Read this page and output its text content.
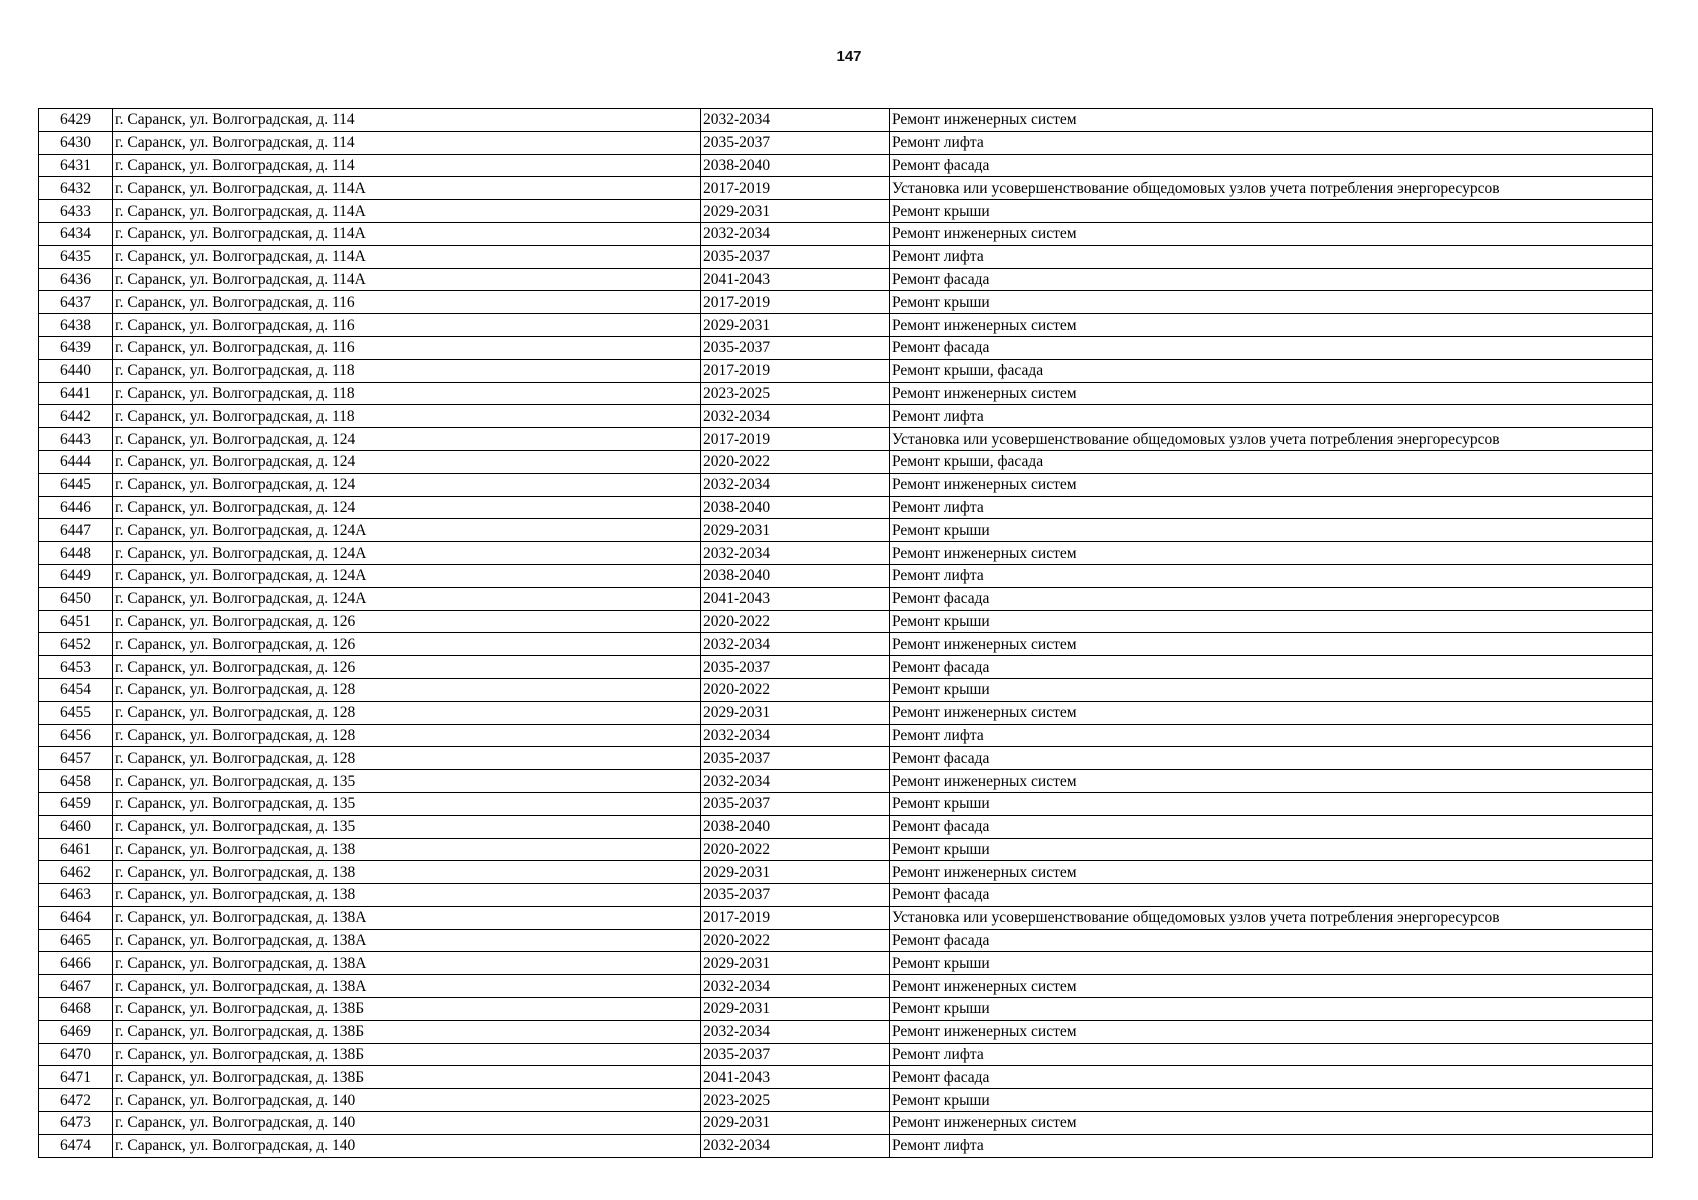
147
6429	г. Саранск, ул. Волгоградская, д. 114	2032-2034	Ремонт инженерных систем
6430	г. Саранск, ул. Волгоградская, д. 114	2035-2037	Ремонт лифта
6431	г. Саранск, ул. Волгоградская, д. 114	2038-2040	Ремонт фасада
6432	г. Саранск, ул. Волгоградская, д. 114А	2017-2019	Установка или усовершенствование общедомовых узлов учета потребления энергоресурсов
6433	г. Саранск, ул. Волгоградская, д. 114А	2029-2031	Ремонт крыши
6434	г. Саранск, ул. Волгоградская, д. 114А	2032-2034	Ремонт инженерных систем
6435	г. Саранск, ул. Волгоградская, д. 114А	2035-2037	Ремонт лифта
6436	г. Саранск, ул. Волгоградская, д. 114А	2041-2043	Ремонт фасада
6437	г. Саранск, ул. Волгоградская, д. 116	2017-2019	Ремонт крыши
6438	г. Саранск, ул. Волгоградская, д. 116	2029-2031	Ремонт инженерных систем
6439	г. Саранск, ул. Волгоградская, д. 116	2035-2037	Ремонт фасада
6440	г. Саранск, ул. Волгоградская, д. 118	2017-2019	Ремонт крыши, фасада
6441	г. Саранск, ул. Волгоградская, д. 118	2023-2025	Ремонт инженерных систем
6442	г. Саранск, ул. Волгоградская, д. 118	2032-2034	Ремонт лифта
6443	г. Саранск, ул. Волгоградская, д. 124	2017-2019	Установка или усовершенствование общедомовых узлов учета потребления энергоресурсов
6444	г. Саранск, ул. Волгоградская, д. 124	2020-2022	Ремонт крыши, фасада
6445	г. Саранск, ул. Волгоградская, д. 124	2032-2034	Ремонт инженерных систем
6446	г. Саранск, ул. Волгоградская, д. 124	2038-2040	Ремонт лифта
6447	г. Саранск, ул. Волгоградская, д. 124А	2029-2031	Ремонт крыши
6448	г. Саранск, ул. Волгоградская, д. 124А	2032-2034	Ремонт инженерных систем
6449	г. Саранск, ул. Волгоградская, д. 124А	2038-2040	Ремонт лифта
6450	г. Саранск, ул. Волгоградская, д. 124А	2041-2043	Ремонт фасада
6451	г. Саранск, ул. Волгоградская, д. 126	2020-2022	Ремонт крыши
6452	г. Саранск, ул. Волгоградская, д. 126	2032-2034	Ремонт инженерных систем
6453	г. Саранск, ул. Волгоградская, д. 126	2035-2037	Ремонт фасада
6454	г. Саранск, ул. Волгоградская, д. 128	2020-2022	Ремонт крыши
6455	г. Саранск, ул. Волгоградская, д. 128	2029-2031	Ремонт инженерных систем
6456	г. Саранск, ул. Волгоградская, д. 128	2032-2034	Ремонт лифта
6457	г. Саранск, ул. Волгоградская, д. 128	2035-2037	Ремонт фасада
6458	г. Саранск, ул. Волгоградская, д. 135	2032-2034	Ремонт инженерных систем
6459	г. Саранск, ул. Волгоградская, д. 135	2035-2037	Ремонт крыши
6460	г. Саранск, ул. Волгоградская, д. 135	2038-2040	Ремонт фасада
6461	г. Саранск, ул. Волгоградская, д. 138	2020-2022	Ремонт крыши
6462	г. Саранск, ул. Волгоградская, д. 138	2029-2031	Ремонт инженерных систем
6463	г. Саранск, ул. Волгоградская, д. 138	2035-2037	Ремонт фасада
6464	г. Саранск, ул. Волгоградская, д. 138А	2017-2019	Установка или усовершенствование общедомовых узлов учета потребления энергоресурсов
6465	г. Саранск, ул. Волгоградская, д. 138А	2020-2022	Ремонт фасада
6466	г. Саранск, ул. Волгоградская, д. 138А	2029-2031	Ремонт крыши
6467	г. Саранск, ул. Волгоградская, д. 138А	2032-2034	Ремонт инженерных систем
6468	г. Саранск, ул. Волгоградская, д. 138Б	2029-2031	Ремонт крыши
6469	г. Саранск, ул. Волгоградская, д. 138Б	2032-2034	Ремонт инженерных систем
6470	г. Саранск, ул. Волгоградская, д. 138Б	2035-2037	Ремонт лифта
6471	г. Саранск, ул. Волгоградская, д. 138Б	2041-2043	Ремонт фасада
6472	г. Саранск, ул. Волгоградская, д. 140	2023-2025	Ремонт крыши
6473	г. Саранск, ул. Волгоградская, д. 140	2029-2031	Ремонт инженерных систем
6474	г. Саранск, ул. Волгоградская, д. 140	2032-2034	Ремонт лифта
